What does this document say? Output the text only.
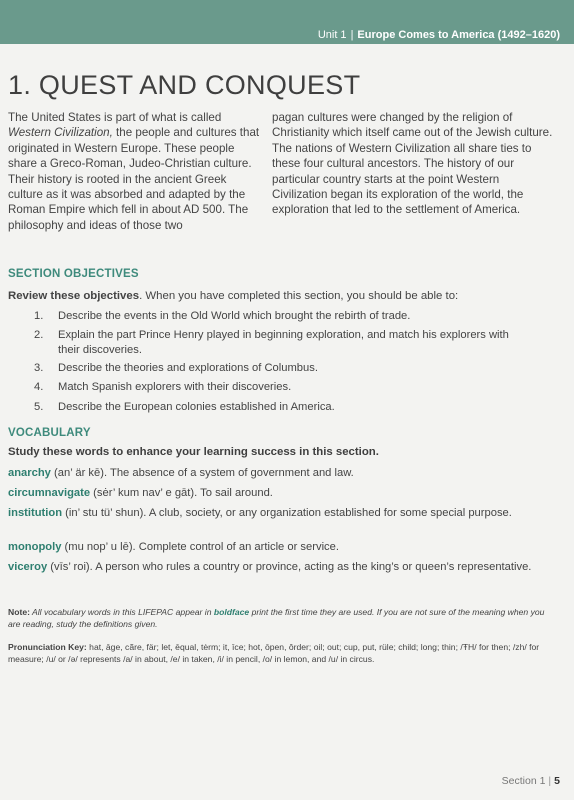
Unit 1 | Europe Comes to America (1492–1620)
1. QUEST AND CONQUEST
The United States is part of what is called Western Civilization, the people and cultures that originated in Western Europe. These people share a Greco-Roman, Judeo-Christian culture. Their history is rooted in the ancient Greek culture as it was absorbed and adapted by the Roman Empire which fell in about AD 500. The philosophy and ideas of those two
pagan cultures were changed by the religion of Christianity which itself came out of the Jewish culture. The nations of Western Civilization all share ties to these four cultural ancestors. The history of our particular country starts at the point Western Civilization began its exploration of the world, the exploration that led to the settlement of America.
SECTION OBJECTIVES
Review these objectives. When you have completed this section, you should be able to:
1. Describe the events in the Old World which brought the rebirth of trade.
2. Explain the part Prince Henry played in beginning exploration, and match his explorers with their discoveries.
3. Describe the theories and explorations of Columbus.
4. Match Spanish explorers with their discoveries.
5. Describe the European colonies established in America.
VOCABULARY
Study these words to enhance your learning success in this section.
anarchy (an’ är kē). The absence of a system of government and law.
circumnavigate (sėr’ kum nav’ e gāt). To sail around.
institution (in’ stu tü’ shun). A club, society, or any organization established for some special purpose.
monopoly (mu nop’ u lē). Complete control of an article or service.
viceroy (vīs’ roi). A person who rules a country or province, acting as the king’s or queen’s representative.
Note: All vocabulary words in this LIFEPAC appear in boldface print the first time they are used. If you are not sure of the meaning when you are reading, study the definitions given.
Pronunciation Key: hat, āge, cãre, fär; let, ēqual, tėrm; it, īce; hot, ōpen, ôrder; oil; out; cup, put, rüle; child; long; thin; /ŦH/ for then; /zh/ for measure; /u/ or /ə/ represents /a/ in about, /e/ in taken, /i/ in pencil, /o/ in lemon, and /u/ in circus.
Section 1 | 5
